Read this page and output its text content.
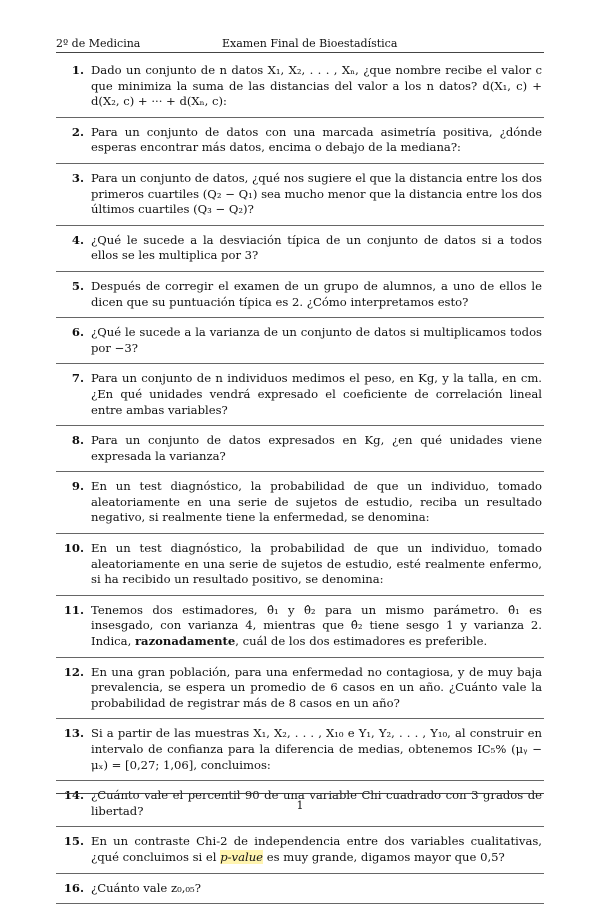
2º de Medicina	Examen Final de Bioestadística
1. Dado un conjunto de n datos X₁, X₂, . . . , Xₙ, ¿que nombre recibe el valor c que minimiza la suma de las distancias del valor a los n datos? d(X₁, c) + d(X₂, c) + ··· + d(Xₙ, c):
2. Para un conjunto de datos con una marcada asimetría positiva, ¿dónde esperas encontrar más datos, encima o debajo de la mediana?:
3. Para un conjunto de datos, ¿qué nos sugiere el que la distancia entre los dos primeros cuartiles (Q₂ − Q₁) sea mucho menor que la distancia entre los dos últimos cuartiles (Q₃ − Q₂)?
4. ¿Qué le sucede a la desviación típica de un conjunto de datos si a todos ellos se les multiplica por 3?
5. Después de corregir el examen de un grupo de alumnos, a uno de ellos le dicen que su puntuación típica es 2. ¿Cómo interpretamos esto?
6. ¿Qué le sucede a la varianza de un conjunto de datos si multiplicamos todos por −3?
7. Para un conjunto de n individuos medimos el peso, en Kg, y la talla, en cm. ¿En qué unidades vendrá expresado el coeficiente de correlación lineal entre ambas variables?
8. Para un conjunto de datos expresados en Kg, ¿en qué unidades viene expresada la varianza?
9. En un test diagnóstico, la probabilidad de que un individuo, tomado aleatoriamente en una serie de sujetos de estudio, reciba un resultado negativo, si realmente tiene la enfermedad, se denomina:
10. En un test diagnóstico, la probabilidad de que un individuo, tomado aleatoriamente en una serie de sujetos de estudio, esté realmente enfermo, si ha recibido un resultado positivo, se denomina:
11. Tenemos dos estimadores, θ̂₁ y θ̂₂ para un mismo parámetro. θ̂₁ es insesgado, con varianza 4, mientras que θ̂₂ tiene sesgo 1 y varianza 2. Indica, razonadamente, cuál de los dos estimadores es preferible.
12. En una gran población, para una enfermedad no contagiosa, y de muy baja prevalencia, se espera un promedio de 6 casos en un año. ¿Cuánto vale la probabilidad de registrar más de 8 casos en un año?
13. Si a partir de las muestras X₁, X₂, . . . , X₁₀ e Y₁, Y₂, . . . , Y₁₀, al construir en intervalo de confianza para la diferencia de medias, obtenemos IC₅% (μᵧ − μₓ) = [0,27; 1,06], concluimos:
14. ¿Cuánto vale el percentil 90 de una variable Chi cuadrado con 3 grados de libertad?
15. En un contraste Chi-2 de independencia entre dos variables cualitativas, ¿qué concluimos si el p-value es muy grande, digamos mayor que 0,5?
16. ¿Cuánto vale z₀,₀₅?
1
